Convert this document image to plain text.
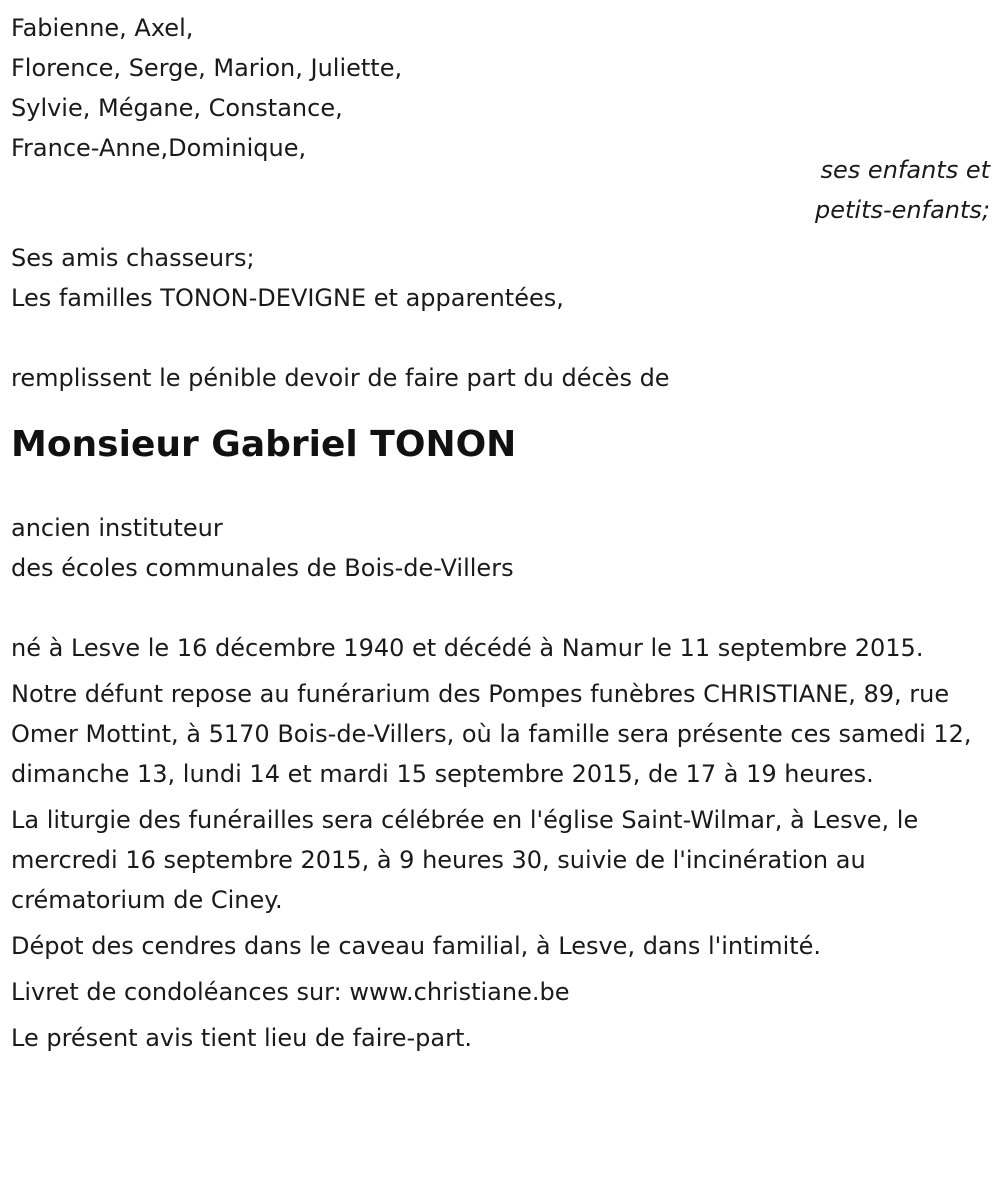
Fabienne, Axel,
Florence, Serge, Marion, Juliette,
Sylvie, Mégane, Constance,
France-Anne,Dominique,
ses enfants et
petits-enfants;
Ses amis chasseurs;
Les familles TONON-DEVIGNE et apparentées,
remplissent le pénible devoir de faire part du décès de
Monsieur Gabriel TONON
ancien instituteur
des écoles communales de Bois-de-Villers

né à Lesve le 16 décembre 1940 et décédé à Namur le 11 septembre 2015.

Notre défunt repose au funérarium des Pompes funèbres CHRISTIANE, 89, rue Omer Mottint, à 5170 Bois-de-Villers, où la famille sera présente ces samedi 12, dimanche 13, lundi 14 et mardi 15 septembre 2015, de 17 à 19 heures.

La liturgie des funérailles sera célébrée en l'église Saint-Wilmar, à Lesve, le mercredi 16 septembre 2015, à 9 heures 30, suivie de l'incinération au crématorium de Ciney.

Dépot des cendres dans le caveau familial, à Lesve, dans l'intimité.

Livret de condoléances sur: www.christiane.be

Le présent avis tient lieu de faire-part.
